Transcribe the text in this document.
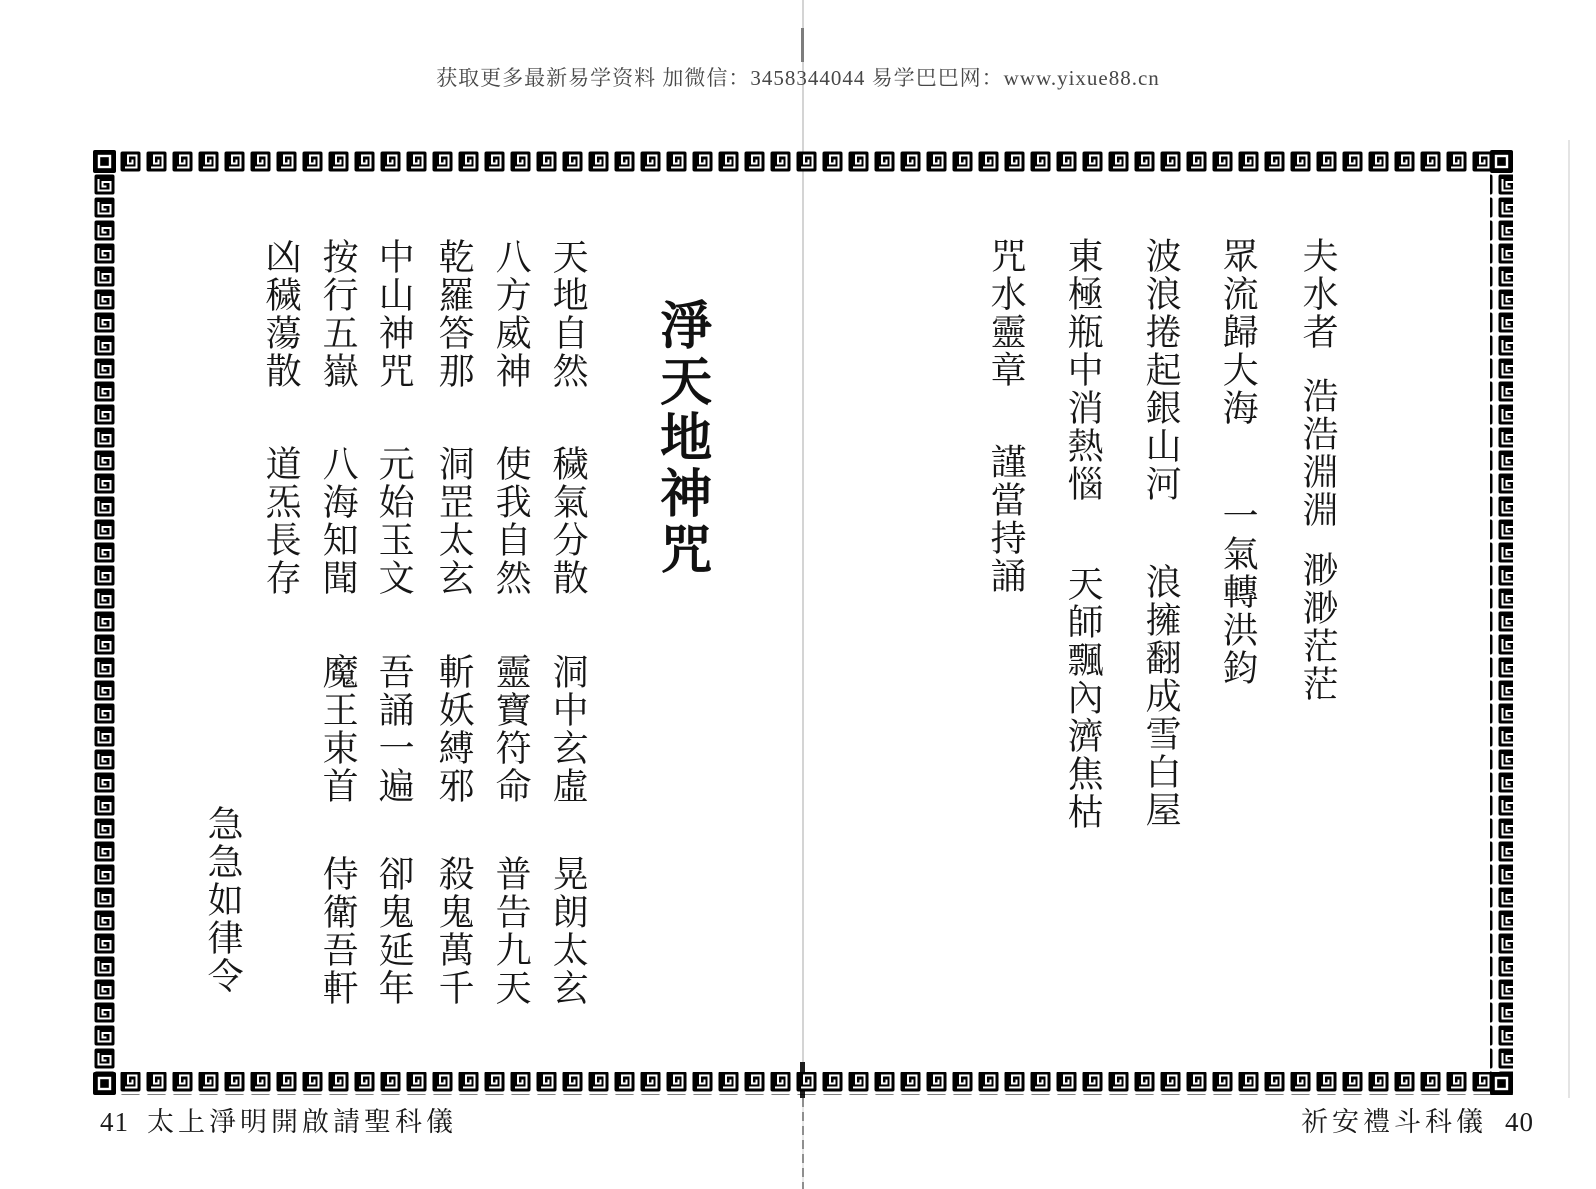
获取更多最新易学资料 加微信：3458344044 易学巴巴网：www.yixue88.cn
夫水者
浩浩淵淵
渺渺茫茫
眾流歸大海
一氣轉洪鈞
波浪捲起銀山河
浪擁翻成雪白屋
東極瓶中消熱惱
天師飄內濟焦枯
咒水靈章
謹當持誦
淨天地神咒
天地自然
穢氣分散
洞中玄虛
晃朗太玄
八方威神
使我自然
靈寶符命
普告九天
乾羅答那
洞罡太玄
斬妖縛邪
殺鬼萬千
中山神咒
元始玉文
吾誦一遍
卻鬼延年
按行五嶽
八海知聞
魔王束首
侍衛吾軒
凶穢蕩散
道炁長存
急急如律令
41 太上淨明開啟請聖科儀	祈安禮斗科儀 40
